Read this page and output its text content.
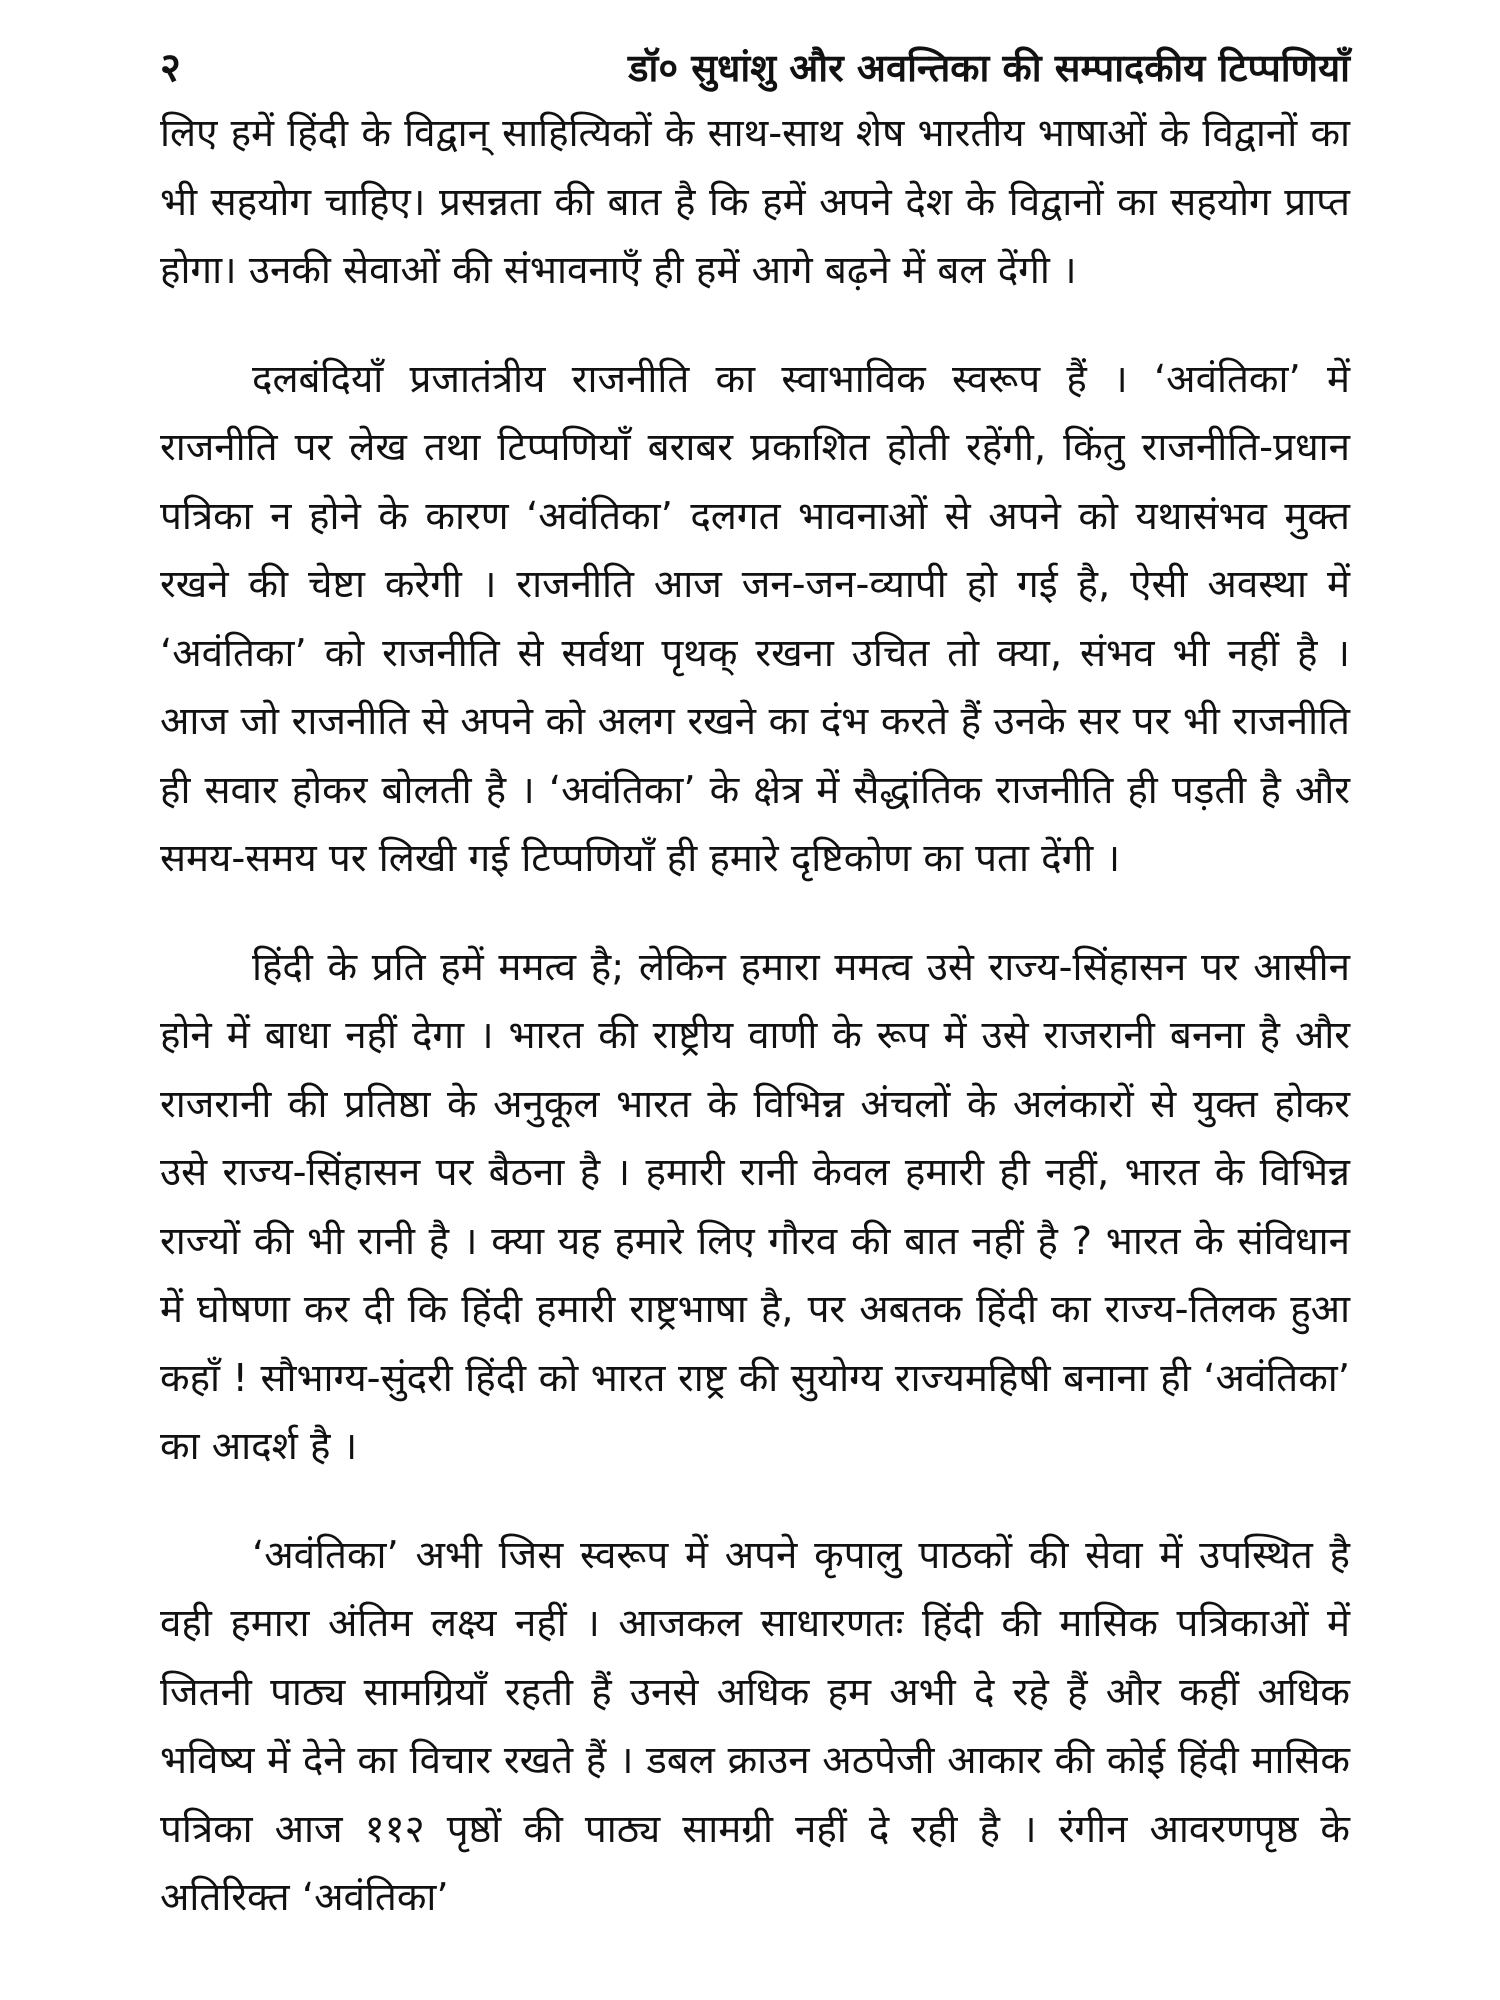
२	डॉ० सुधांशु और अवन्तिका की सम्पादकीय टिप्पणियाँ

लिए हमें हिंदी के विद्वान् साहित्यिकों के साथ-साथ शेष भारतीय भाषाओं के विद्वानों का भी सहयोग चाहिए। प्रसन्नता की बात है कि हमें अपने देश के विद्वानों का सहयोग प्राप्त होगा। उनकी सेवाओं की संभावनाएँ ही हमें आगे बढ़ने में बल देंगी ।

दलबंदियाँ प्रजातंत्रीय राजनीति का स्वाभाविक स्वरूप हैं । ‘अवंतिका’ में राजनीति पर लेख तथा टिप्पणियाँ बराबर प्रकाशित होती रहेंगी, किंतु राजनीति-प्रधान पत्रिका न होने के कारण ‘अवंतिका’ दलगत भावनाओं से अपने को यथासंभव मुक्त रखने की चेष्टा करेगी । राजनीति आज जन-जन-व्यापी हो गई है, ऐसी अवस्था में ‘अवंतिका’ को राजनीति से सर्वथा पृथक् रखना उचित तो क्या, संभव भी नहीं है । आज जो राजनीति से अपने को अलग रखने का दंभ करते हैं उनके सर पर भी राजनीति ही सवार होकर बोलती है । ‘अवंतिका’ के क्षेत्र में सैद्धांतिक राजनीति ही पड़ती है और समय-समय पर लिखी गई टिप्पणियाँ ही हमारे दृष्टिकोण का पता देंगी ।

हिंदी के प्रति हमें ममत्व है; लेकिन हमारा ममत्व उसे राज्य-सिंहासन पर आसीन होने में बाधा नहीं देगा । भारत की राष्ट्रीय वाणी के रूप में उसे राजरानी बनना है और राजरानी की प्रतिष्ठा के अनुकूल भारत के विभिन्न अंचलों के अलंकारों से युक्त होकर उसे राज्य-सिंहासन पर बैठना है । हमारी रानी केवल हमारी ही नहीं, भारत के विभिन्न राज्यों की भी रानी है । क्या यह हमारे लिए गौरव की बात नहीं है ? भारत के संविधान में घोषणा कर दी कि हिंदी हमारी राष्ट्रभाषा है, पर अबतक हिंदी का राज्य-तिलक हुआ कहाँ ! सौभाग्य-सुंदरी हिंदी को भारत राष्ट्र की सुयोग्य राज्यमहिषी बनाना ही ‘अवंतिका’ का आदर्श है ।

‘अवंतिका’ अभी जिस स्वरूप में अपने कृपालु पाठकों की सेवा में उपस्थित है वही हमारा अंतिम लक्ष्य नहीं । आजकल साधारणतः हिंदी की मासिक पत्रिकाओं में जितनी पाठ्य सामग्रियाँ रहती हैं उनसे अधिक हम अभी दे रहे हैं और कहीं अधिक भविष्य में देने का विचार रखते हैं । डबल क्राउन अठपेजी आकार की कोई हिंदी मासिक पत्रिका आज ११२ पृष्ठों की पाठ्य सामग्री नहीं दे रही है । रंगीन आवरणपृष्ठ के अतिरिक्त ‘अवंतिका’
